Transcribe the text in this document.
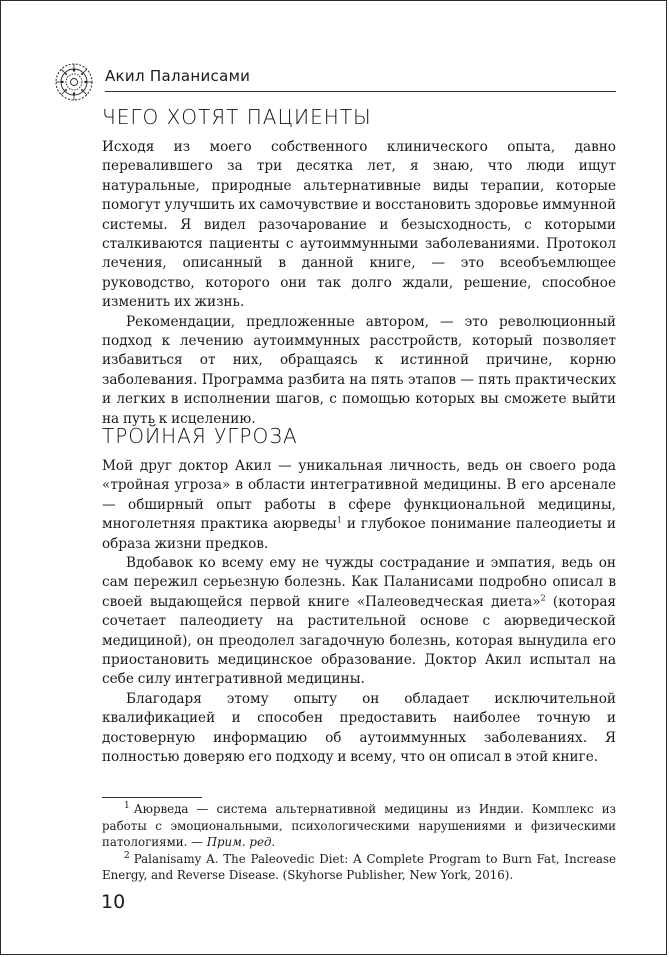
Акил Паланисами
ЧЕГО ХОТЯТ ПАЦИЕНТЫ

Исходя из моего собственного клинического опыта, давно перевалившего за три десятка лет, я знаю, что люди ищут натуральные, природные альтернативные виды терапии, которые помогут улучшить их самочувствие и восстановить здоровье иммунной системы. Я видел разочарование и безысходность, с которыми сталкиваются пациенты с аутоиммунными заболеваниями. Протокол лечения, описанный в данной книге, — это всеобъемлющее руководство, которого они так долго ждали, решение, способное изменить их жизнь.

Рекомендации, предложенные автором, — это революционный подход к лечению аутоиммунных расстройств, который позволяет избавиться от них, обращаясь к истинной причине, корню заболевания. Программа разбита на пять этапов — пять практических и легких в исполнении шагов, с помощью которых вы сможете выйти на путь к исцелению.

ТРОЙНАЯ УГРОЗА

Мой друг доктор Акил — уникальная личность, ведь он своего рода «тройная угроза» в области интегративной медицины. В его арсенале — обширный опыт работы в сфере функциональной медицины, многолетняя практика аюрведы$^1$ и глубокое понимание палеодиеты и образа жизни предков.

Вдобавок ко всему ему не чужды сострадание и эмпатия, ведь он сам пережил серьезную болезнь. Как Паланисами подробно описал в своей выдающейся первой книге «Палеоведческая диета»$^2$ (которая сочетает палеодиету на растительной основе с аюрведической медициной), он преодолел загадочную болезнь, которая вынудила его приостановить медицинское образование. Доктор Акил испытал на себе силу интегративной медицины.

Благодаря этому опыту он обладает исключительной квалификацией и способен предоставить наиболее точную и достоверную информацию об аутоиммунных заболеваниях. Я полностью доверяю его подходу и всему, что он описал в этой книге.

$^1$ Аюрведа — система альтернативной медицины из Индии. Комплекс из работы с эмоциональными, психологическими нарушениями и физическими патологиями. — Прим. ред.

$^2$ Palanisamy A. The Paleovedic Diet: A Complete Program to Burn Fat, Increase Energy, and Reverse Disease. (Skyhorse Publisher, New York, 2016).

10
